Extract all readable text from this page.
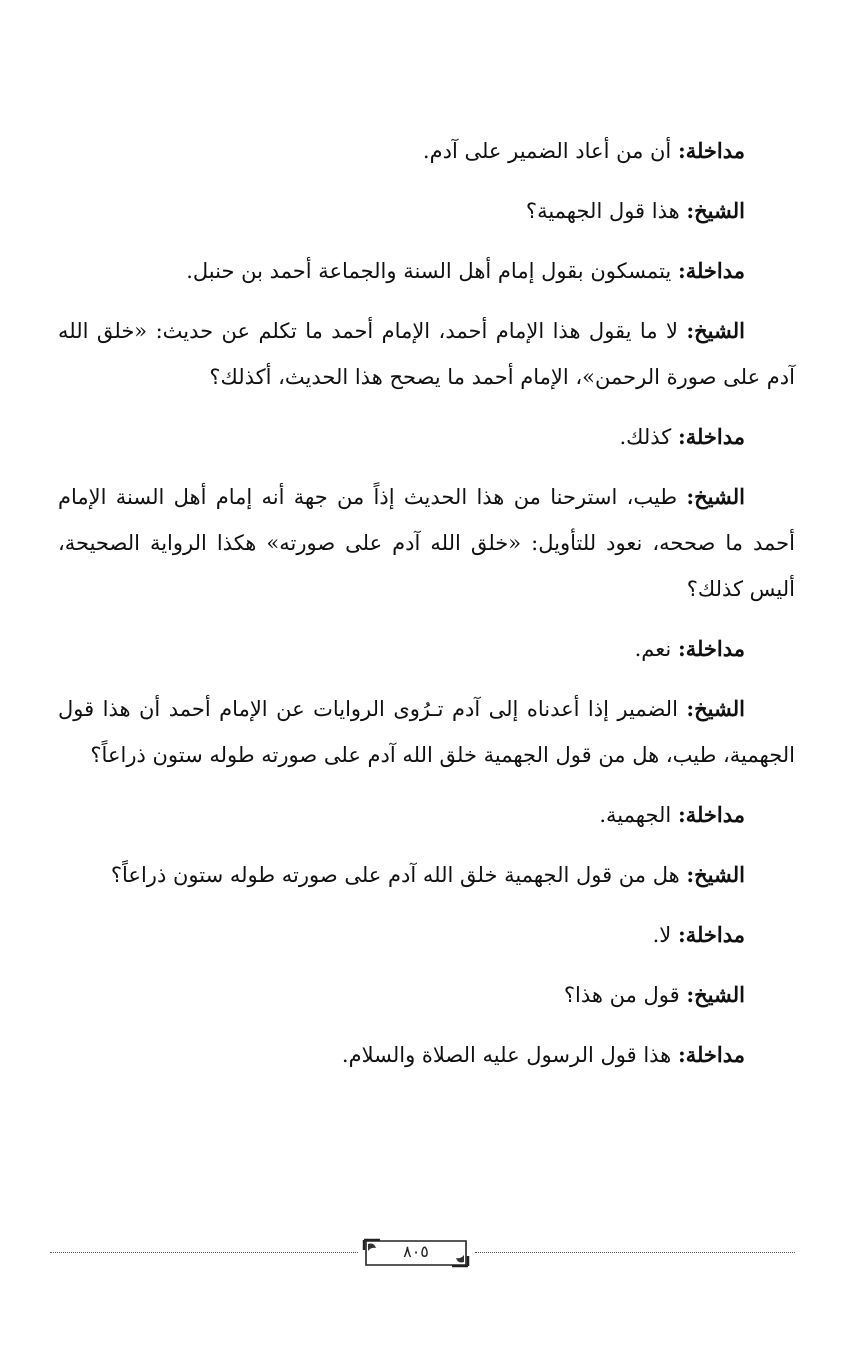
مداخلة: أن من أعاد الضمير على آدم.

الشيخ: هذا قول الجهمية؟

مداخلة: يتمسكون بقول إمام أهل السنة والجماعة أحمد بن حنبل.

الشيخ: لا ما يقول هذا الإمام أحمد، الإمام أحمد ما تكلم عن حديث: «خلق الله آدم على صورة الرحمن»، الإمام أحمد ما يصحح هذا الحديث، أكذلك؟

مداخلة: كذلك.

الشيخ: طيب، استرحنا من هذا الحديث إذاً من جهة أنه إمام أهل السنة الإمام أحمد ما صححه، نعود للتأويل: «خلق الله آدم على صورته» هكذا الرواية الصحيحة، أليس كذلك؟

مداخلة: نعم.

الشيخ: الضمير إذا أعدناه إلى آدم تـرُوى الروايات عن الإمام أحمد أن هذا قول الجهمية، طيب، هل من قول الجهمية خلق الله آدم على صورته طوله ستون ذراعاً؟

مداخلة: الجهمية.

الشيخ: هل من قول الجهمية خلق الله آدم على صورته طوله ستون ذراعاً؟

مداخلة: لا.

الشيخ: قول من هذا؟

مداخلة: هذا قول الرسول عليه الصلاة والسلام.

٨٠٥
